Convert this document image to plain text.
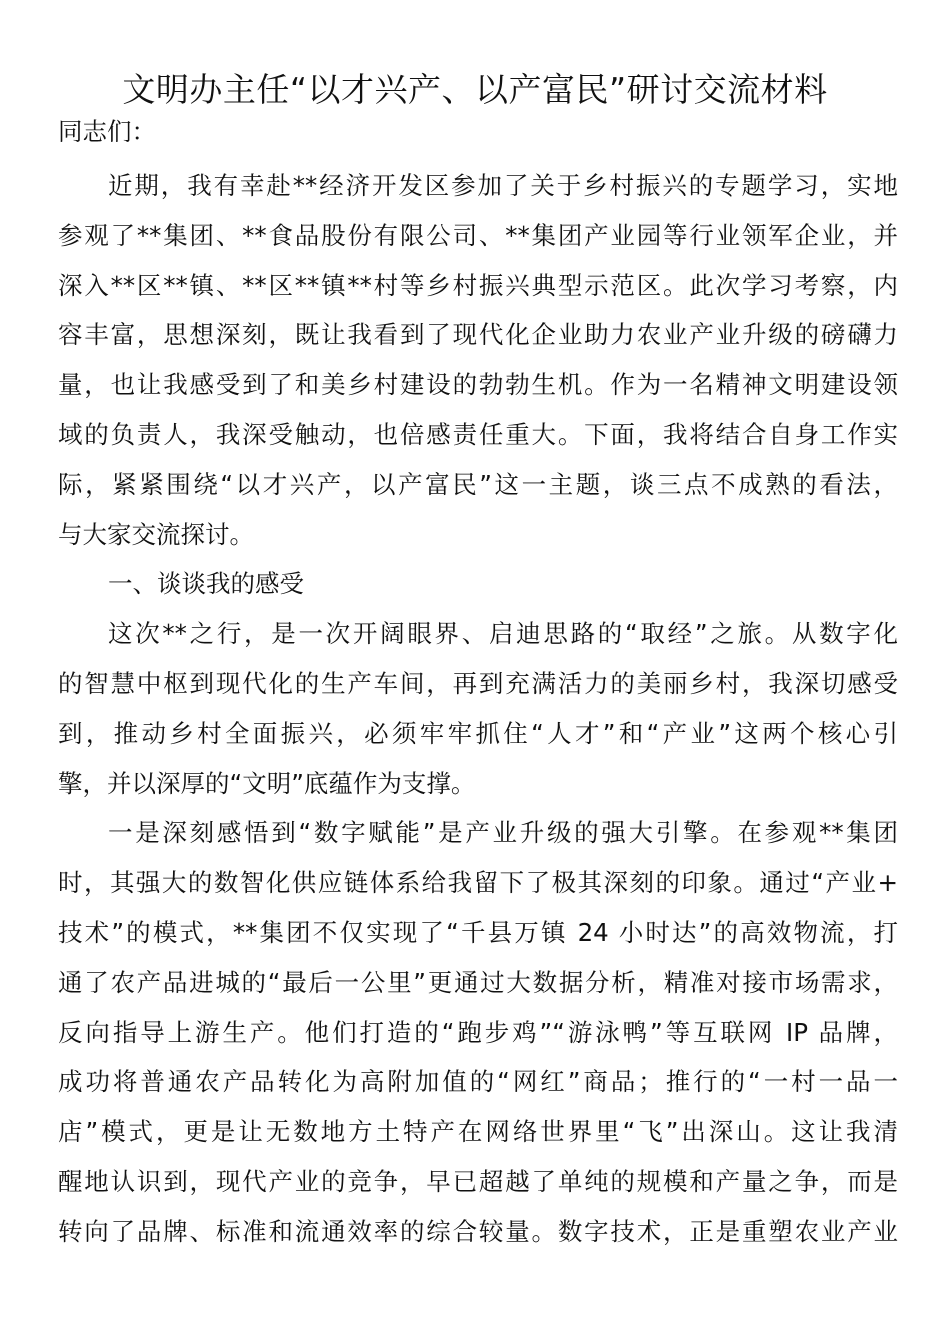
文明办主任“以才兴产、以产富民”研讨交流材料
同志们：
近期，我有幸赴**经济开发区参加了关于乡村振兴的专题学习，实地
参观了**集团、**食品股份有限公司、**集团产业园等行业领军企业，并
深入**区**镇、**区**镇**村等乡村振兴典型示范区。此次学习考察，内
容丰富，思想深刻，既让我看到了现代化企业助力农业产业升级的磅礴力
量，也让我感受到了和美乡村建设的勃勃生机。作为一名精神文明建设领
域的负责人，我深受触动，也倍感责任重大。下面，我将结合自身工作实
际，紧紧围绕“以才兴产，以产富民”这一主题，谈三点不成熟的看法，
与大家交流探讨。
一、谈谈我的感受
这次**之行，是一次开阔眼界、启迪思路的“取经”之旅。从数字化
的智慧中枢到现代化的生产车间，再到充满活力的美丽乡村，我深切感受
到，推动乡村全面振兴，必须牢牢抓住“人才”和“产业”这两个核心引
擎，并以深厚的“文明”底蕴作为支撑。
一是深刻感悟到“数字赋能”是产业升级的强大引擎。在参观**集团
时，其强大的数智化供应链体系给我留下了极其深刻的印象。通过“产业+
技术”的模式，**集团不仅实现了“千县万镇 24 小时达”的高效物流，打
通了农产品进城的“最后一公里”更通过大数据分析，精准对接市场需求，
反向指导上游生产。他们打造的“跑步鸡”“游泳鸭”等互联网 IP 品牌，
成功将普通农产品转化为高附加值的“网红”商品；推行的“一村一品一
店”模式，更是让无数地方土特产在网络世界里“飞”出深山。这让我清
醒地认识到，现代产业的竞争，早已超越了单纯的规模和产量之争，而是
转向了品牌、标准和流通效率的综合较量。数字技术，正是重塑农业产业
